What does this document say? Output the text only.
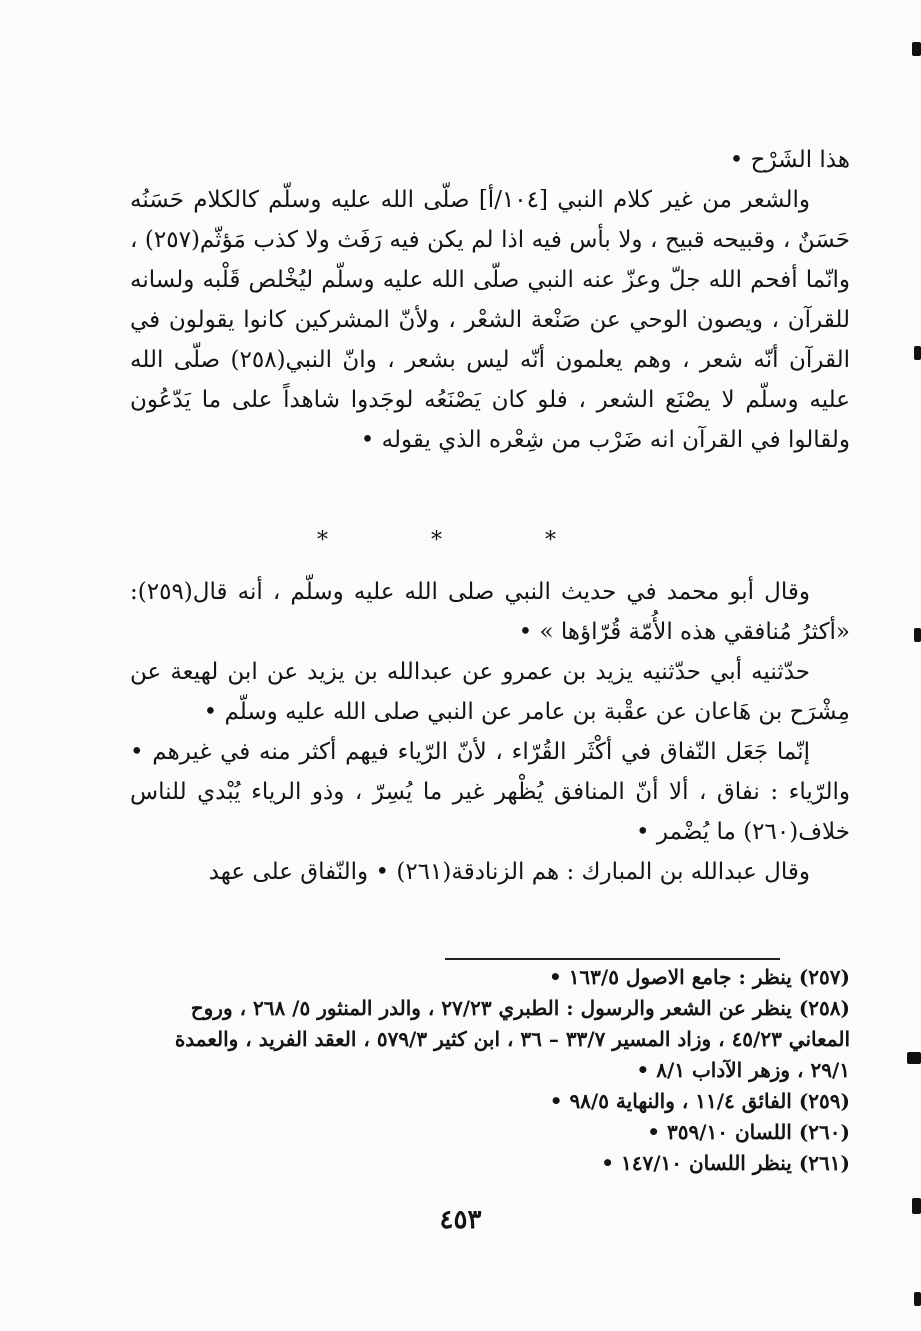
هذا الشَرْح •

والشعر من غير كلام النبي [١٠٤/أ] صلّى الله عليه وسلّم كالكلام حَسَنُه حَسَنٌ ، وقبيحه قبيح ، ولا بأس فيه اذا لم يكن فيه رَفَث ولا كذب مَؤثّم(٢٥٧) ، وانّما أفحم الله جلّ وعزّ عنه النبي صلّى الله عليه وسلّم ليُخْلص قَلْبه ولسانه للقرآن ، ويصون الوحي عن صَنْعة الشعْر ، ولأنّ المشركين كانوا يقولون في القرآن أنّه شعر ، وهم يعلمون أنّه ليس بشعر ، وانّ النبي(٢٥٨) صلّى الله عليه وسلّم لا يصْنَع الشعر ، فلو كان يَصْنَعُه لوجَدوا شاهداً على ما يَدّعُون ولقالوا في القرآن انه ضَرْب من شِعْره الذي يقوله •

* * *

وقال أبو محمد في حديث النبي صلى الله عليه وسلّم ، أنه قال(٢٥٩): «أكثرُ مُنافقي هذه الأُمّة قُرّاؤها » •

حدّثنيه أبي حدّثنيه يزيد بن عمرو عن عبدالله بن يزيد عن ابن لهيعة عن مِشْرَح بن هَاعان عن عقْبة بن عامر عن النبي صلى الله عليه وسلّم •

إنّما جَعَل النّفاق في أكْثَر القُرّاء ، لأنّ الرّياء فيهم أكثر منه في غيرهم • والرّياء : نفاق ، ألا أنّ المنافق يُظْهر غير ما يُسِرّ ، وذو الرياء يُبْدي للناس خلاف(٢٦٠) ما يُضْمر •

وقال عبدالله بن المبارك : هم الزنادقة(٢٦١) • والنّفاق على عهد

(٢٥٧) ينظر : جامع الاصول ١٦٣/٥ •

(٢٥٨) ينظر عن الشعر والرسول : الطبري ٢٧/٢٣ ، والدر المنثور ٥/ ٢٦٨ ، وروح المعاني ٤٥/٢٣ ، وزاد المسير ٣٣/٧ – ٣٦ ، ابن كثير ٥٧٩/٣ ، العقد الفريد ، والعمدة ٢٩/١ ، وزهر الآداب ٨/١ •

(٢٥٩) الفائق ١١/٤ ، والنهاية ٩٨/٥ •

(٢٦٠) اللسان ٣٥٩/١٠ •

(٢٦١) ينظر اللسان ١٤٧/١٠ •

٤٥٣
